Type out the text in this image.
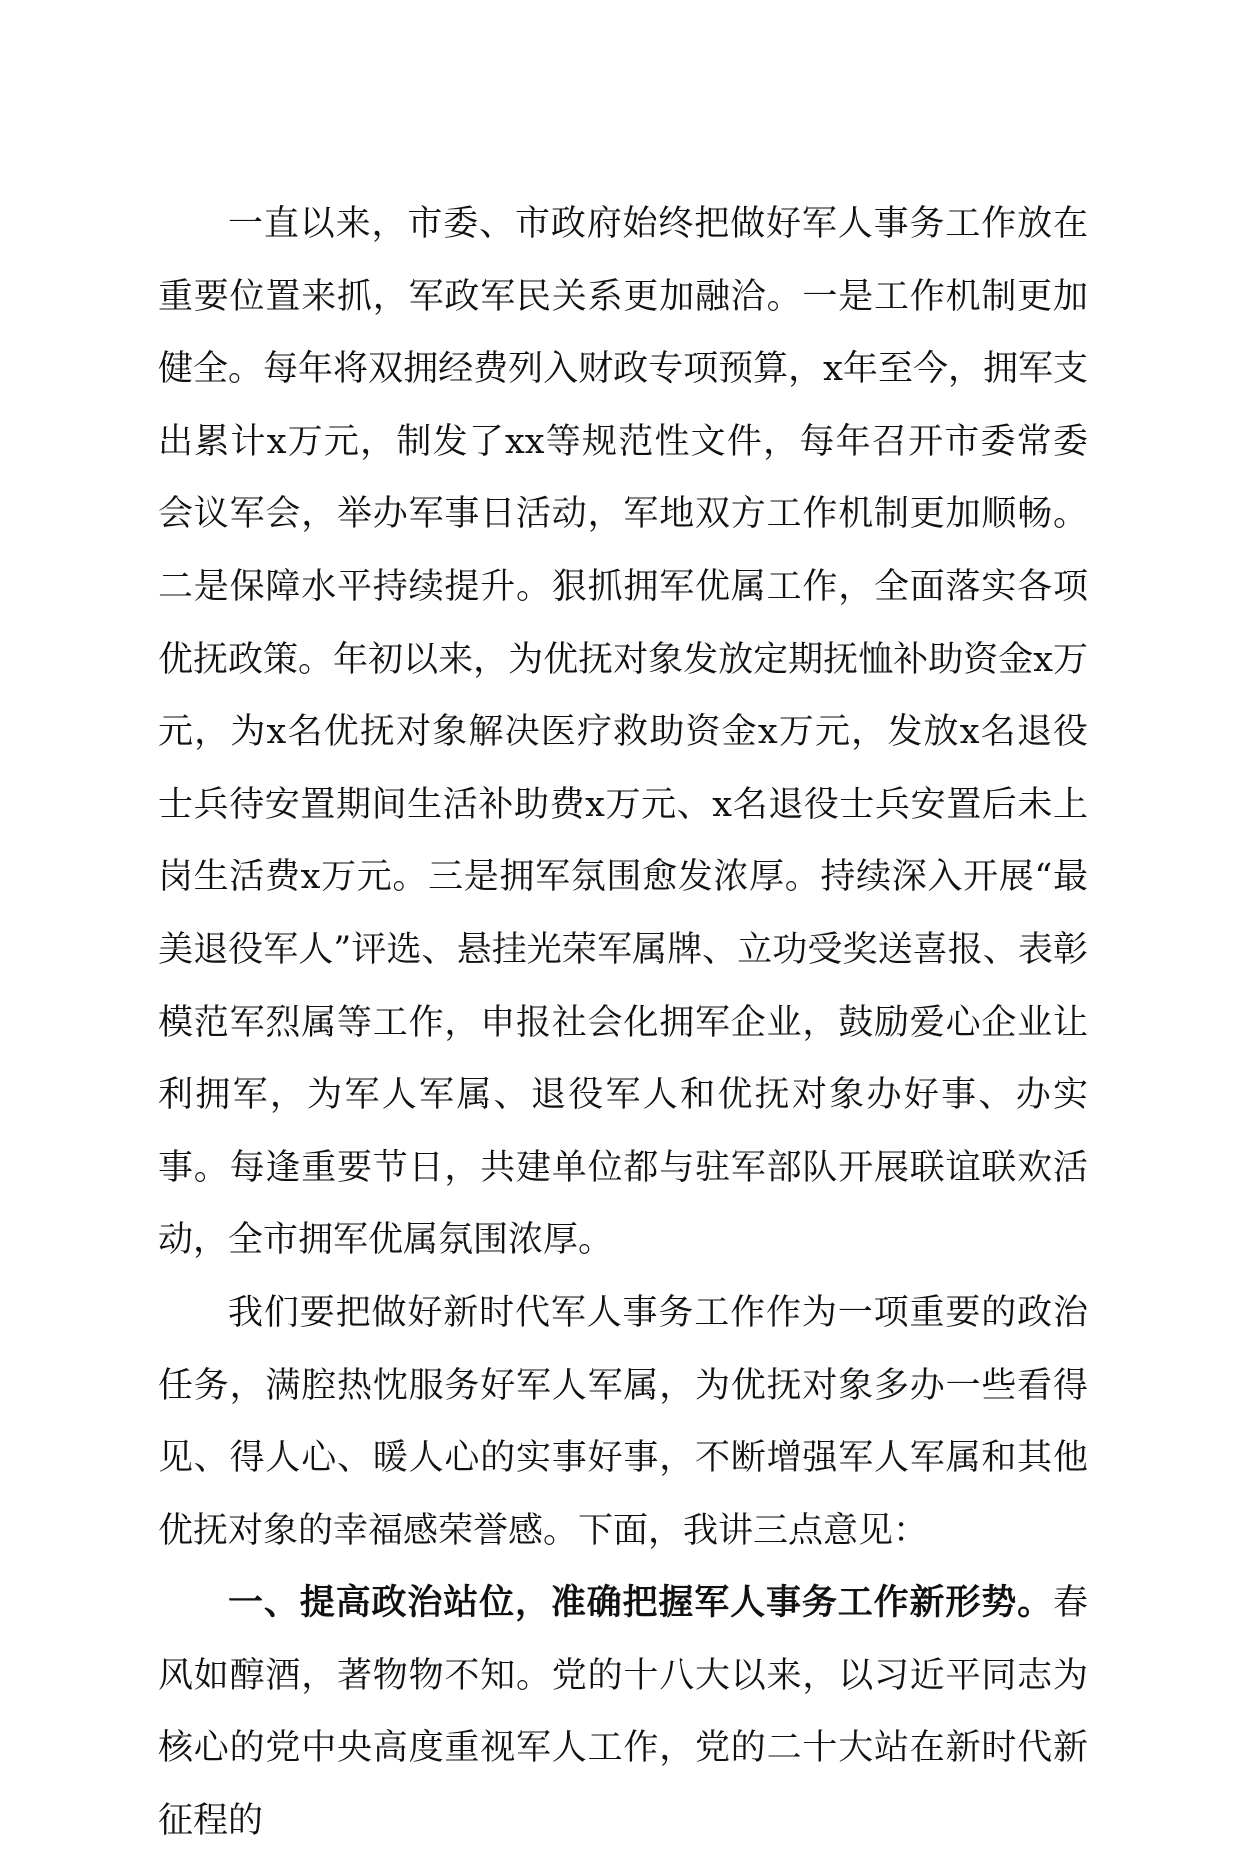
一直以来，市委、市政府始终把做好军人事务工作放在重要位置来抓，军政军民关系更加融洽。一是工作机制更加健全。每年将双拥经费列入财政专项预算，x年至今，拥军支出累计x万元，制发了xx等规范性文件，每年召开市委常委会议军会，举办军事日活动，军地双方工作机制更加顺畅。二是保障水平持续提升。狠抓拥军优属工作，全面落实各项优抚政策。年初以来，为优抚对象发放定期抚恤补助资金x万元，为x名优抚对象解决医疗救助资金x万元，发放x名退役士兵待安置期间生活补助费x万元、x名退役士兵安置后未上岗生活费x万元。三是拥军氛围愈发浓厚。持续深入开展“最美退役军人”评选、悬挂光荣军属牌、立功受奖送喜报、表彰模范军烈属等工作，申报社会化拥军企业，鼓励爱心企业让利拥军，为军人军属、退役军人和优抚对象办好事、办实事。每逢重要节日，共建单位都与驻军部队开展联谊联欢活动，全市拥军优属氛围浓厚。

我们要把做好新时代军人事务工作作为一项重要的政治任务，满腔热忱服务好军人军属，为优抚对象多办一些看得见、得人心、暖人心的实事好事，不断增强军人军属和其他优抚对象的幸福感荣誉感。下面，我讲三点意见：

一、提高政治站位，准确把握军人事务工作新形势。春风如醇酒，著物物不知。党的十八大以来，以习近平同志为核心的党中央高度重视军人工作，党的二十大站在新时代新征程的
